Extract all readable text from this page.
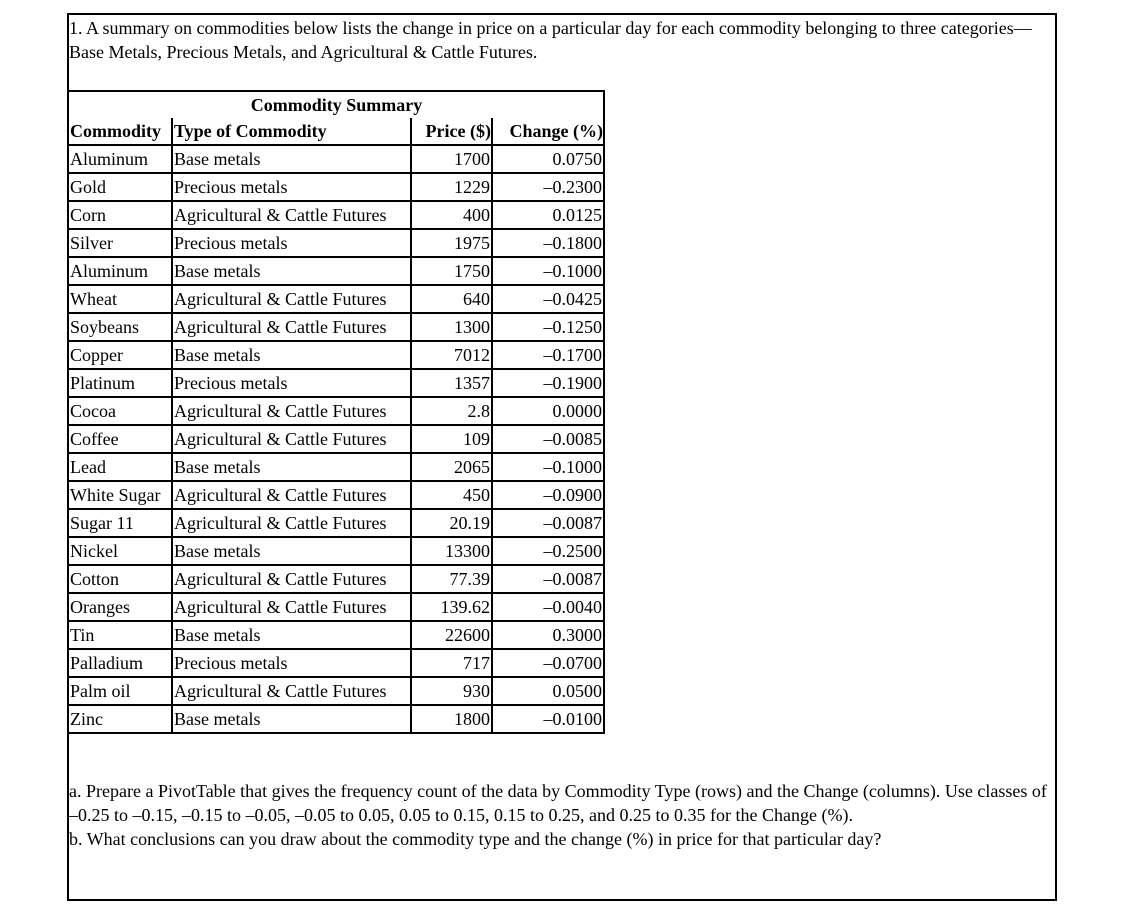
1. A summary on commodities below lists the change in price on a particular day for each commodity belonging to three categories—Base Metals, Precious Metals, and Agricultural & Cattle Futures.

Commodity Summary			
Commodity	Type of Commodity	Price ($)	Change (%)
Aluminum	Base metals	1700	0.0750
Gold	Precious metals	1229	–0.2300
Corn	Agricultural & Cattle Futures	400	0.0125
Silver	Precious metals	1975	–0.1800
Aluminum	Base metals	1750	–0.1000
Wheat	Agricultural & Cattle Futures	640	–0.0425
Soybeans	Agricultural & Cattle Futures	1300	–0.1250
Copper	Base metals	7012	–0.1700
Platinum	Precious metals	1357	–0.1900
Cocoa	Agricultural & Cattle Futures	2.8	0.0000
Coffee	Agricultural & Cattle Futures	109	–0.0085
Lead	Base metals	2065	–0.1000
White Sugar	Agricultural & Cattle Futures	450	–0.0900
Sugar 11	Agricultural & Cattle Futures	20.19	–0.0087
Nickel	Base metals	13300	–0.2500
Cotton	Agricultural & Cattle Futures	77.39	–0.0087
Oranges	Agricultural & Cattle Futures	139.62	–0.0040
Tin	Base metals	22600	0.3000
Palladium	Precious metals	717	–0.0700
Palm oil	Agricultural & Cattle Futures	930	0.0500
Zinc	Base metals	1800	–0.0100

a. Prepare a PivotTable that gives the frequency count of the data by Commodity Type (rows) and the Change (columns). Use classes of –0.25 to –0.15, –0.15 to –0.05, –0.05 to 0.05, 0.05 to 0.15, 0.15 to 0.25, and 0.25 to 0.35 for the Change (%).

b. What conclusions can you draw about the commodity type and the change (%) in price for that particular day?
